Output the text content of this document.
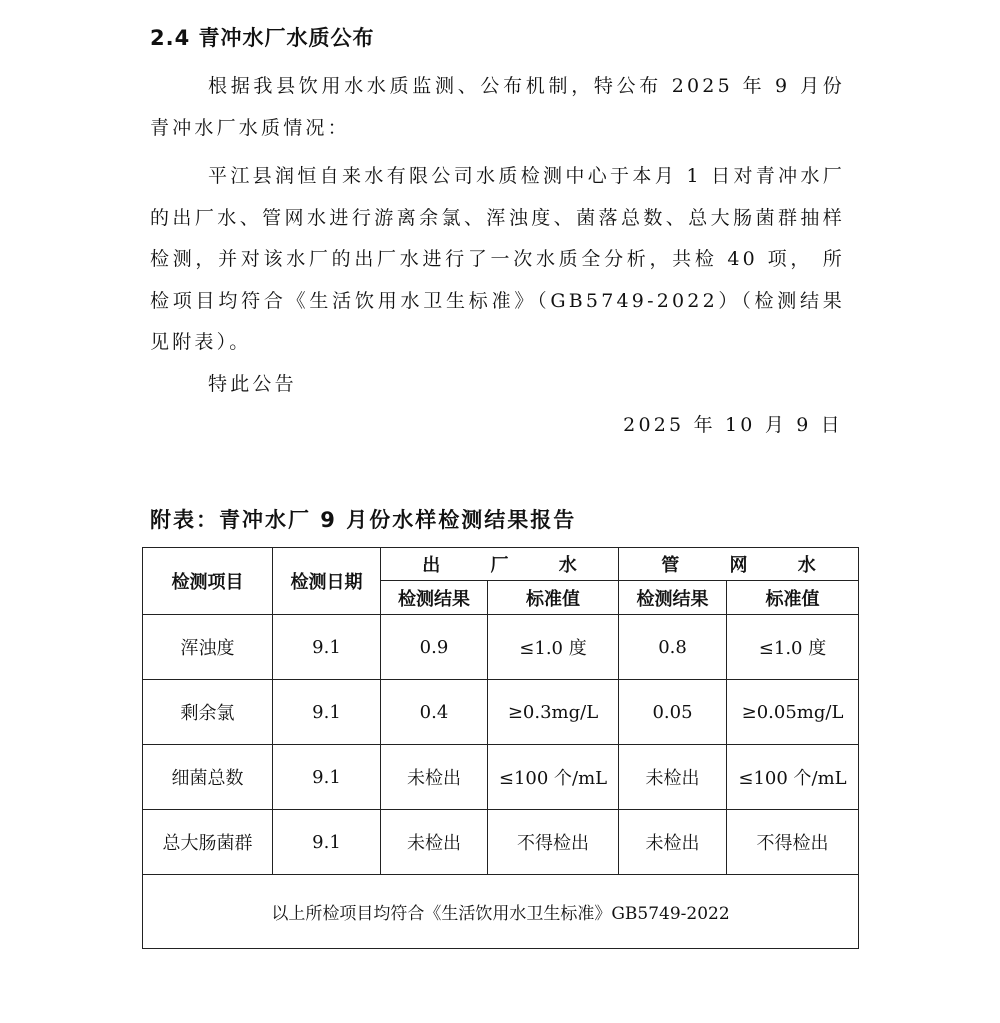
2.4 青冲水厂水质公布
根据我县饮用水水质监测、公布机制，特公布 2025 年 9 月份青冲水厂水质情况：
平江县润恒自来水有限公司水质检测中心于本月 1 日对青冲水厂的出厂水、管网水进行游离余氯、浑浊度、菌落总数、总大肠菌群抽样检测，并对该水厂的出厂水进行了一次水质全分析，共检 40 项， 所检项目均符合《生活饮用水卫生标准》（GB5749-2022）（检测结果见附表）。
特此公告
2025 年 10 月 9 日
附表：青冲水厂 9 月份水样检测结果报告
检测项目	检测日期	出 厂 水		管 网 水	
		检测结果	标准值	检测结果	标准值
浑浊度	9.1	0.9	≤1.0 度	0.8	≤1.0 度
剩余氯	9.1	0.4	≥0.3mg/L	0.05	≥0.05mg/L
细菌总数	9.1	未检出	≤100 个/mL	未检出	≤100 个/mL
总大肠菌群	9.1	未检出	不得检出	未检出	不得检出
以上所检项目均符合《生活饮用水卫生标准》GB5749-2022					
